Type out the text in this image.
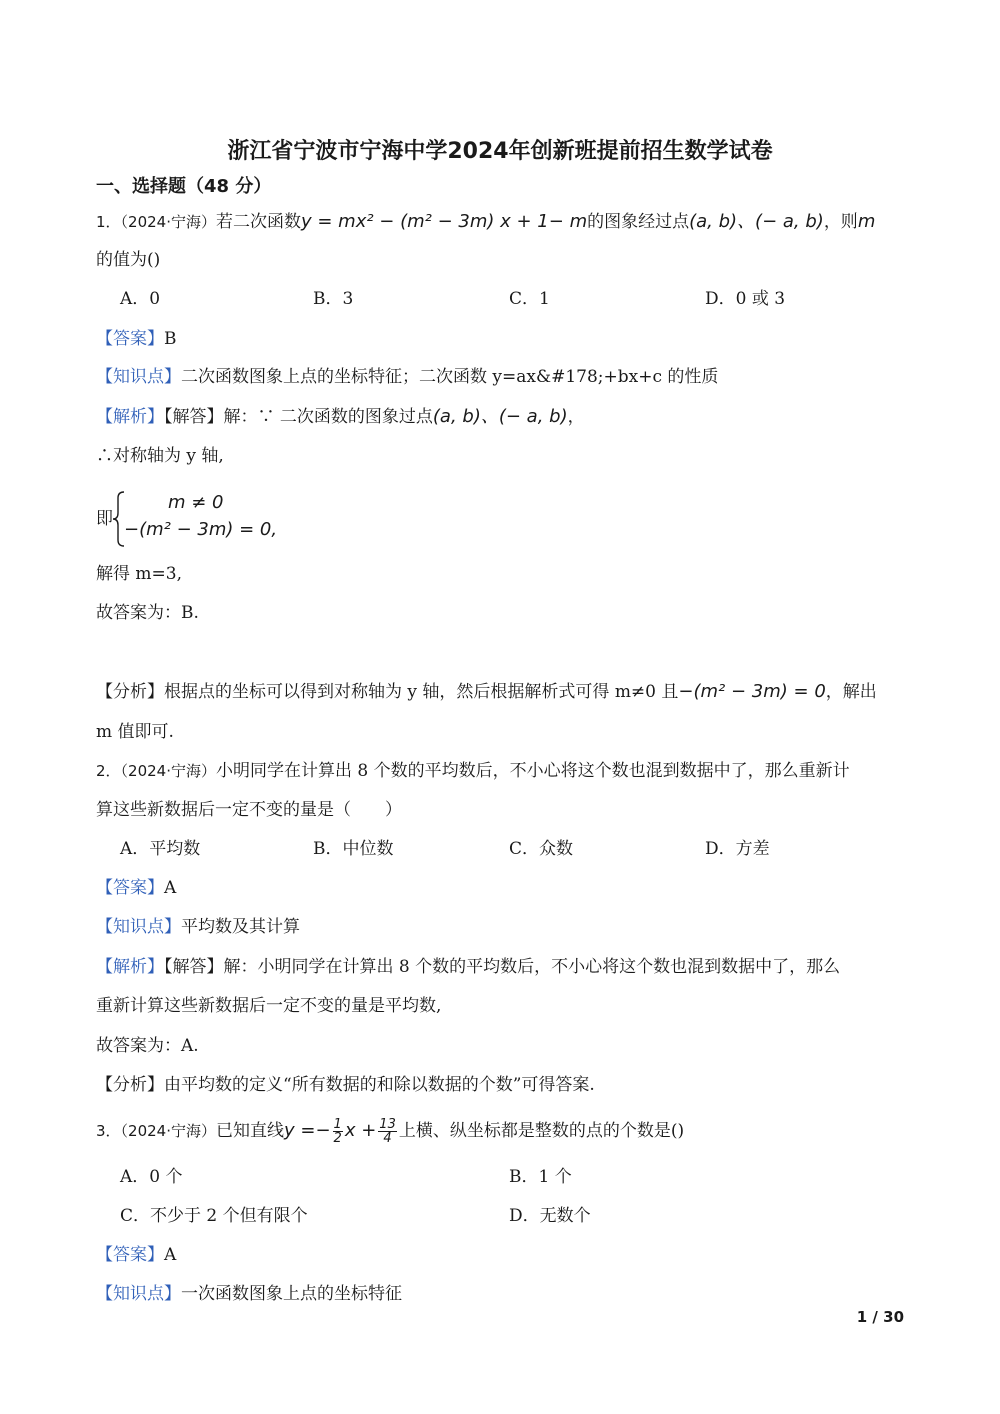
浙江省宁波市宁海中学2024年创新班提前招生数学试卷
一、选择题（48 分）
1．（2024·宁海）若二次函数y = mx² − (m² − 3m) x + 1− m的图象经过点(a, b)、(− a, b)，则m
的值为()
A．0	B．3	C．1	D．0 或 3
【答案】B
【知识点】二次函数图象上点的坐标特征；二次函数 y=ax&#178;+bx+c 的性质
【解析】【解答】解：∵ 二次函数的图象过点(a, b)、(− a, b)，
∴对称轴为 y 轴,
即
m ≠ 0
−(m² − 3m) = 0,
解得 m=3,
故答案为：B.
【分析】根据点的坐标可以得到对称轴为 y 轴，然后根据解析式可得 m≠0 且−(m² − 3m) = 0，解出
m 值即可.
2．（2024·宁海）小明同学在计算出 8 个数的平均数后，不小心将这个数也混到数据中了，那么重新计
算这些新数据后一定不变的量是（　　）
A．平均数	B．中位数	C．众数	D．方差
【答案】A
【知识点】平均数及其计算
【解析】【解答】解：小明同学在计算出 8 个数的平均数后，不小心将这个数也混到数据中了，那么
重新计算这些新数据后一定不变的量是平均数,
故答案为：A.
【分析】由平均数的定义“所有数据的和除以数据的个数”可得答案.
3．（2024·宁海）已知直线$y =- \frac{1}{2}$ $x + \frac{13}{4}$ 上横、纵坐标都是整数的点的个数是()
A．0 个	B．1 个
C．不少于 2 个但有限个	D．无数个
【答案】A
【知识点】一次函数图象上点的坐标特征
1 / 30
